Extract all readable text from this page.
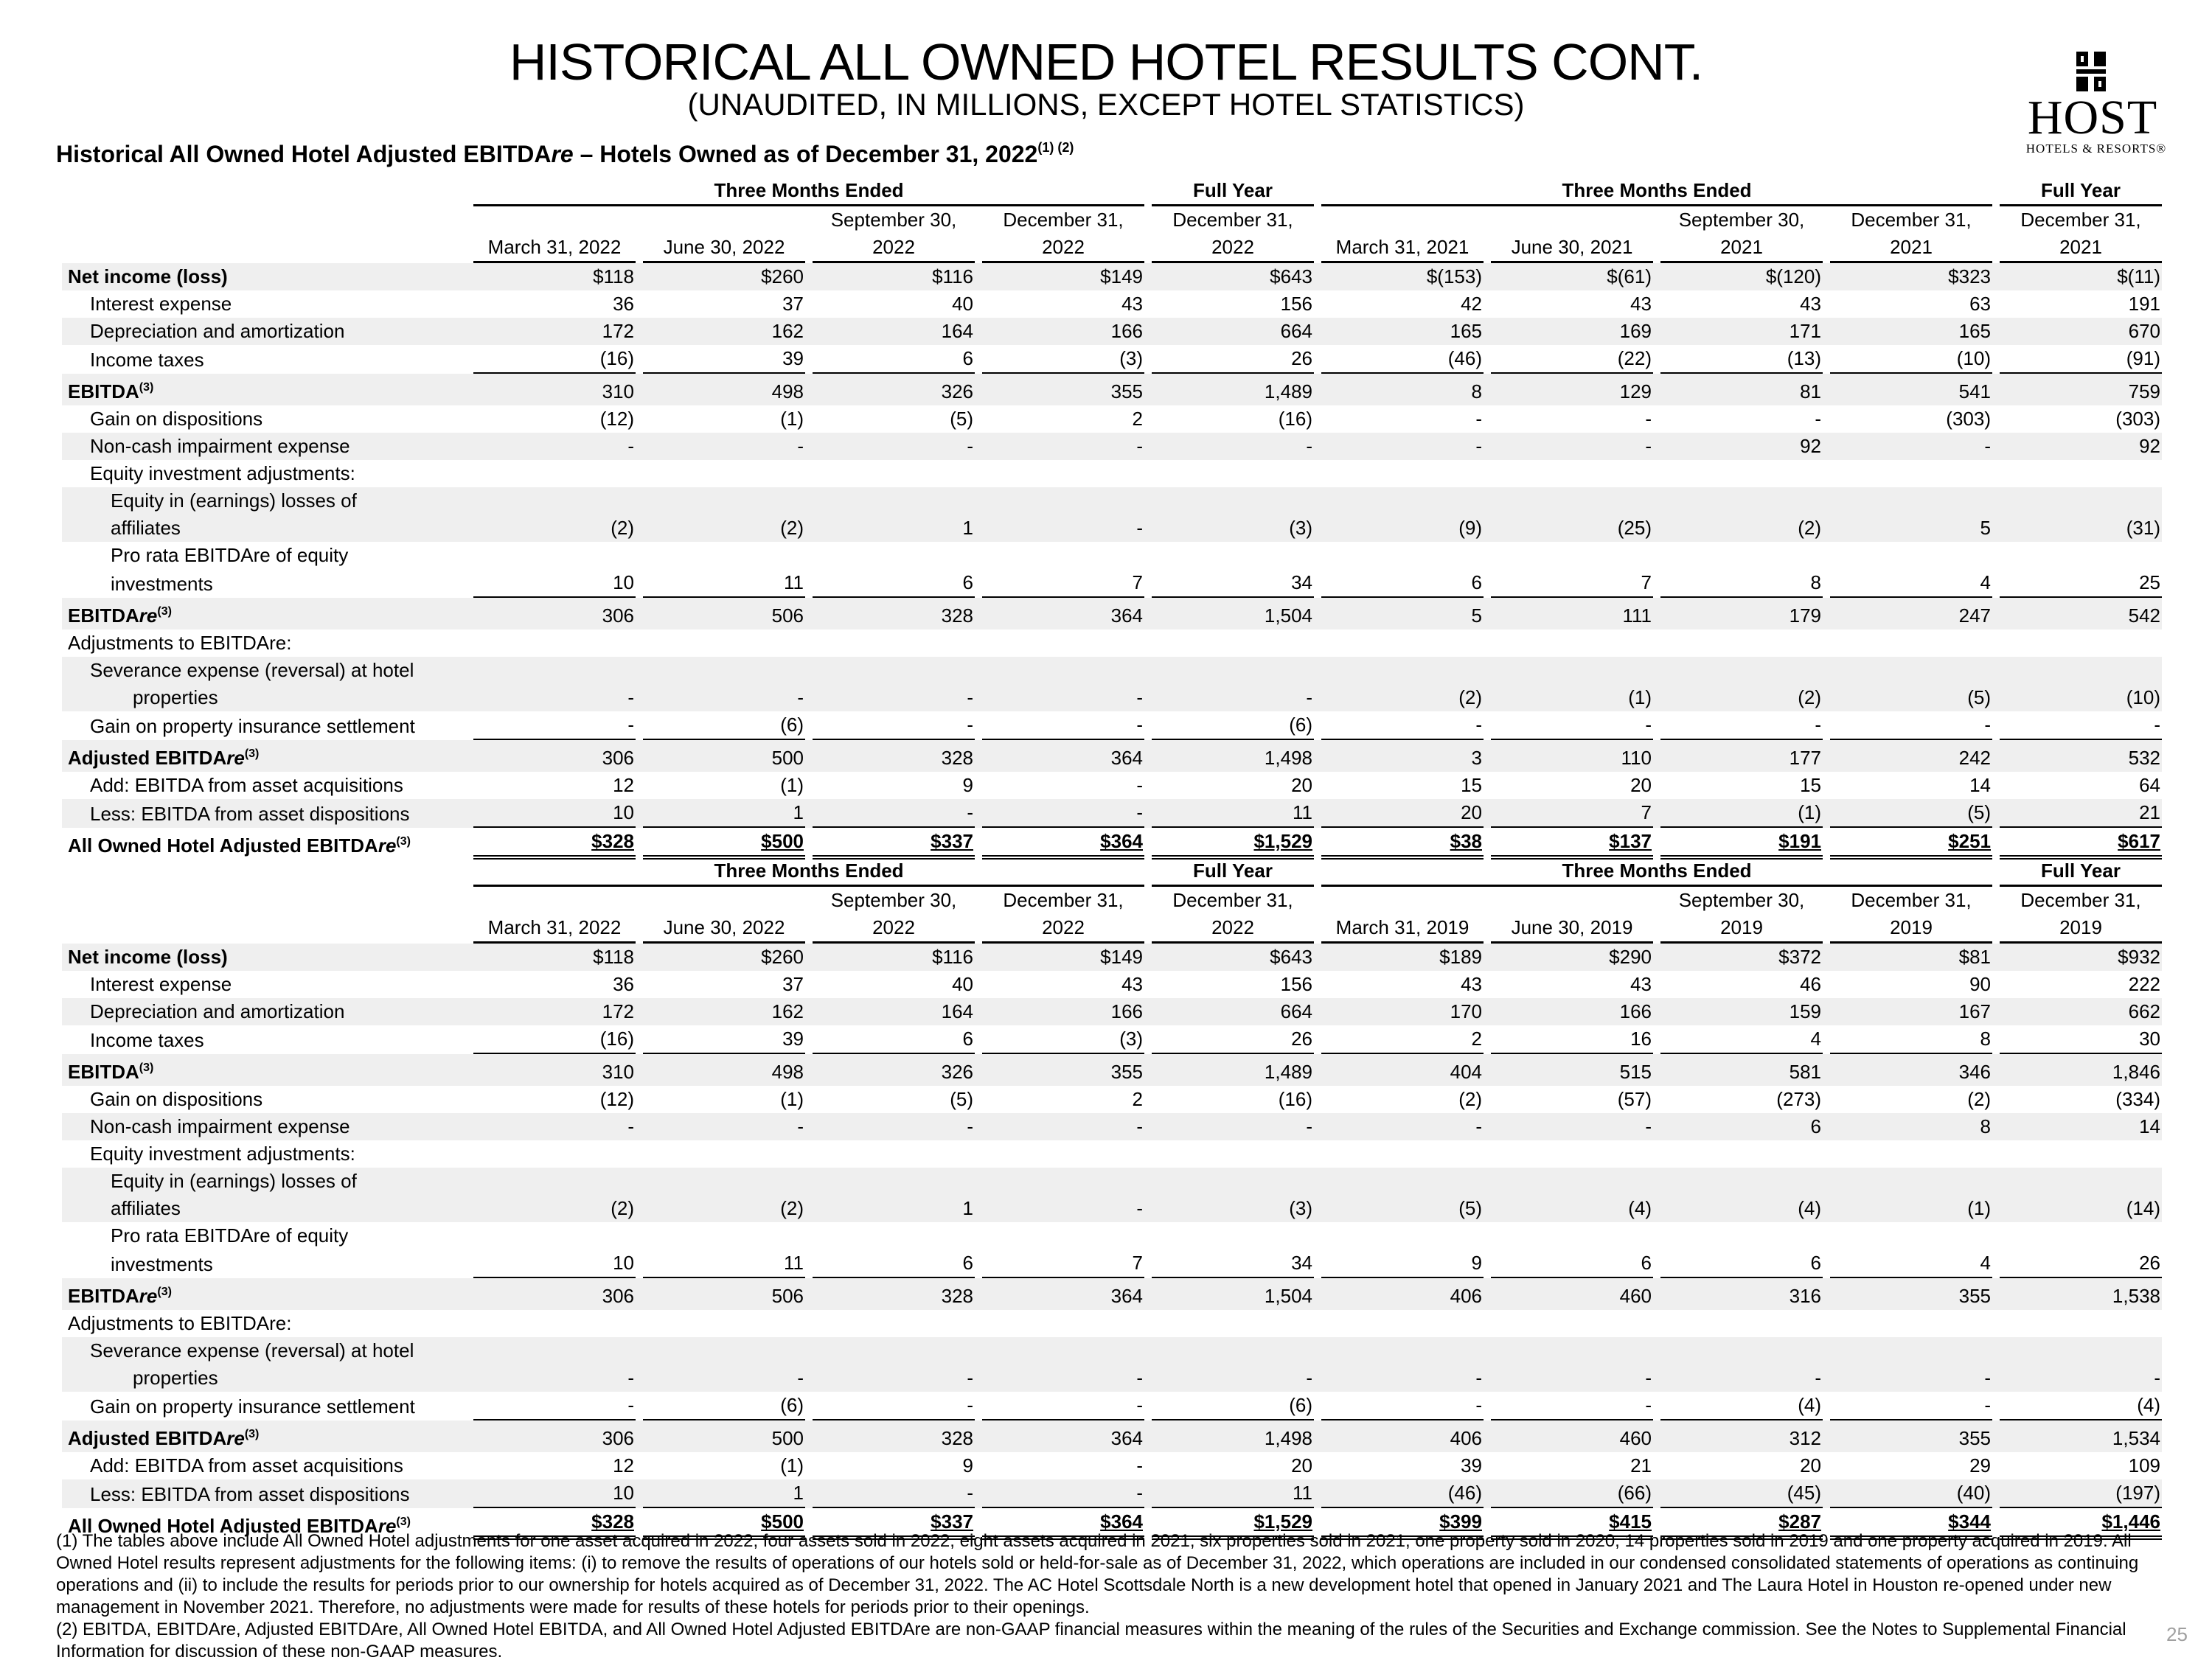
HISTORICAL ALL OWNED HOTEL RESULTS CONT.
(UNAUDITED, IN MILLIONS, EXCEPT HOTEL STATISTICS)	HOST
HOTELS & RESORTS®
Historical All Owned Hotel Adjusted EBITDAre – Hotels Owned as of December 31, $2022^{(1) (2)}$
		Three Months Ended								Full Year		Three Months Ended								Full Year
						September 30,		December 31,		December 31,						September 30,		December 31,		December 31,
		March 31, 2022		June 30, 2022		2022		2022		2022		March 31, 2021		June 30, 2021		2021		2021		2021
Net income (loss)		$118		$260		$116		$149		$643		$(153)		$(61)		$(120)		$323		$(11)
Interest expense		36		37		40		43		156		42		43		43		63		191
Depreciation and amortization		172		162		164		166		664		165		169		171		165		670
Income taxes		(16)		39		6		(3)		26		(46)		(22)		(13)		(10)		(91)
EBITDA$^{(3)}$		310		498		326		355		1,489		8		129		81		541		759
Gain on dispositions		(12)		(1)		(5)		2		(16)		-		-		-		(303)		(303)
Non-cash impairment expense		-		-		-		-		-		-		-		92		-		92
Equity investment adjustments:																				
Equity in (earnings) losses of																				
affiliates		(2)		(2)		1		-		(3)		(9)		(25)		(2)		5		(31)
Pro rata EBITDAre of equity																				
investments		10		11		6		7		34		6		7		8		4		25
EBITDAre$^{(3)}$		306		506		328		364		1,504		5		111		179		247		542
Adjustments to EBITDAre:																				
Severance expense (reversal) at hotel																				
properties		-		-		-		-		-		(2)		(1)		(2)		(5)		(10)
Gain on property insurance settlement		-		(6)		-		-		(6)		-		-		-		-		-
Adjusted EBITDAre$^{(3)}$		306		500		328		364		1,498		3		110		177		242		532
Add: EBITDA from asset acquisitions		12		(1)		9		-		20		15		20		15		14		64
Less: EBITDA from asset dispositions		10		1		-		-		11		20		7		(1)		(5)		21
All Owned Hotel Adjusted EBITDAre$^{(3)}$		$328		$500		$337		$364		$1,529		$38		$137		$191		$251		$617
		Three Months Ended								Full Year		Three Months Ended								Full Year
						September 30,		December 31,		December 31,						September 30,		December 31,		December 31,
		March 31, 2022		June 30, 2022		2022		2022		2022		March 31, 2019		June 30, 2019		2019		2019		2019
Net income (loss)		$118		$260		$116		$149		$643		$189		$290		$372		$81		$932
Interest expense		36		37		40		43		156		43		43		46		90		222
Depreciation and amortization		172		162		164		166		664		170		166		159		167		662
Income taxes		(16)		39		6		(3)		26		2		16		4		8		30
EBITDA$^{(3)}$		310		498		326		355		1,489		404		515		581		346		1,846
Gain on dispositions		(12)		(1)		(5)		2		(16)		(2)		(57)		(273)		(2)		(334)
Non-cash impairment expense		-		-		-		-		-		-		-		6		8		14
Equity investment adjustments:																				
Equity in (earnings) losses of																				
affiliates		(2)		(2)		1		-		(3)		(5)		(4)		(4)		(1)		(14)
Pro rata EBITDAre of equity																				
investments		10		11		6		7		34		9		6		6		4		26
EBITDAre$^{(3)}$		306		506		328		364		1,504		406		460		316		355		1,538
Adjustments to EBITDAre:																				
Severance expense (reversal) at hotel																				
properties		-		-		-		-		-		-		-		-		-		-
Gain on property insurance settlement		-		(6)		-		-		(6)		-		-		(4)		-		(4)
Adjusted EBITDAre$^{(3)}$		306		500		328		364		1,498		406		460		312		355		1,534
Add: EBITDA from asset acquisitions		12		(1)		9		-		20		39		21		20		29		109
Less: EBITDA from asset dispositions		10		1		-		-		11		(46)		(66)		(45)		(40)		(197)
All Owned Hotel Adjusted EBITDAre$^{(3)}$		$328		$500		$337		$364		$1,529		$399		$415		$287		$344		$1,446

(1) The tables above include All Owned Hotel adjustments for one asset acquired in 2022, four assets sold in 2022, eight assets acquired in 2021, six properties sold in 2021, one property sold in 2020, 14 properties sold in 2019 and one property acquired in 2019. All Owned Hotel results represent adjustments for the following items: (i) to remove the results of operations of our hotels sold or held-for-sale as of December 31, 2022, which operations are included in our condensed consolidated statements of operations as continuing operations and (ii) to include the results for periods prior to our ownership for hotels acquired as of December 31, 2022. The AC Hotel Scottsdale North is a new development hotel that opened in January 2021 and The Laura Hotel in Houston re-opened under new management in November 2021. Therefore, no adjustments were made for results of these hotels for periods prior to their openings.

(2) EBITDA, EBITDAre, Adjusted EBITDAre, All Owned Hotel EBITDA, and All Owned Hotel Adjusted EBITDAre are non-GAAP financial measures within the meaning of the rules of the Securities and Exchange commission. See the Notes to Supplemental Financial Information for discussion of these non-GAAP measures.

25
